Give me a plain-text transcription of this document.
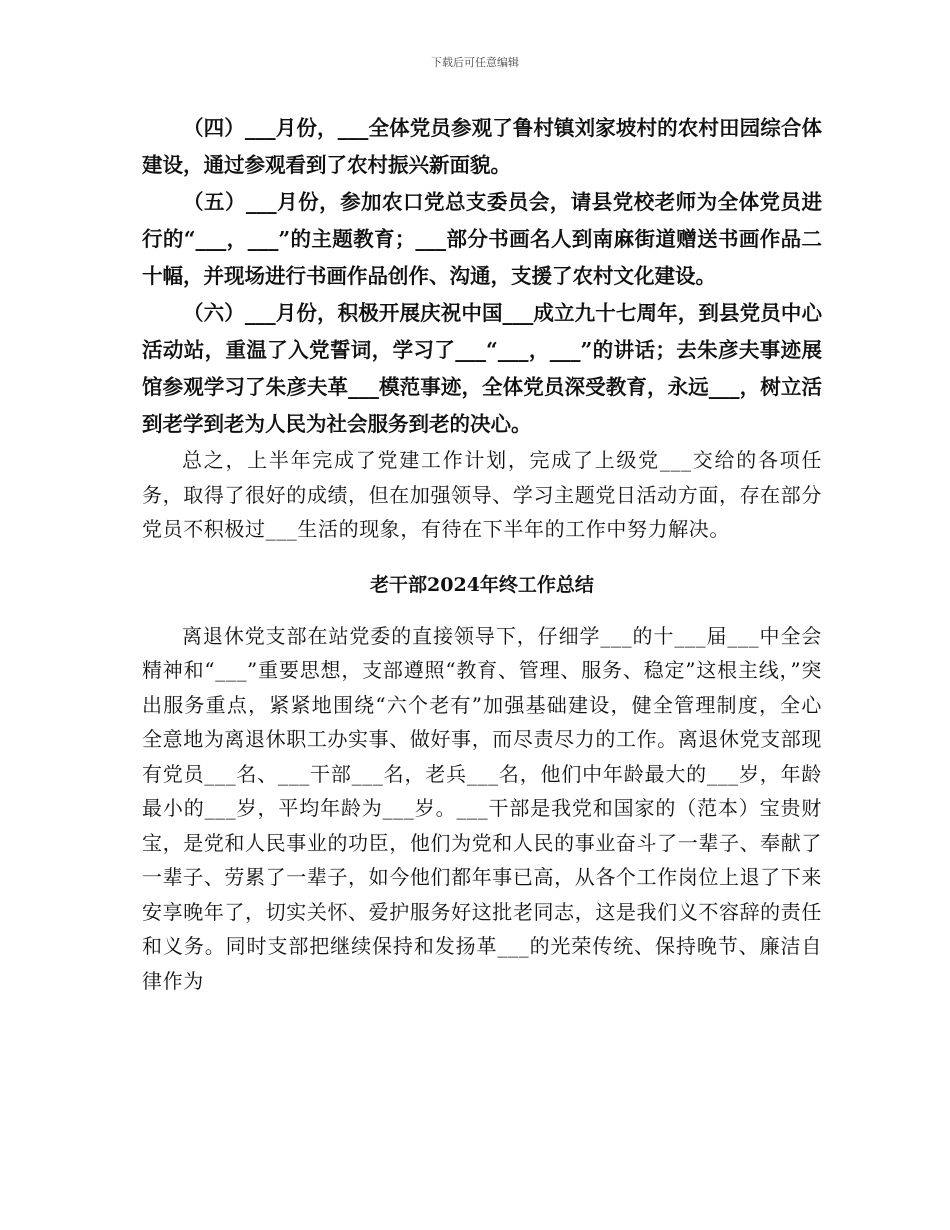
下载后可任意编辑

（四）___月份，___全体党员参观了鲁村镇刘家坡村的农村田园综合体建设，通过参观看到了农村振兴新面貌。

（五）___月份，参加农口党总支委员会，请县党校老师为全体党员进行的“___，___”的主题教育；___部分书画名人到南麻街道赠送书画作品二十幅，并现场进行书画作品创作、沟通，支援了农村文化建设。

（六）___月份，积极开展庆祝中国___成立九十七周年，到县党员中心活动站，重温了入党誓词，学习了___“___，___”的讲话；去朱彦夫事迹展馆参观学习了朱彦夫革___模范事迹，全体党员深受教育，永远___，树立活到老学到老为人民为社会服务到老的决心。

总之，上半年完成了党建工作计划，完成了上级党___交给的各项任务，取得了很好的成绩，但在加强领导、学习主题党日活动方面，存在部分党员不积极过___生活的现象，有待在下半年的工作中努力解决。

老干部2024年终工作总结

离退休党支部在站党委的直接领导下，仔细学___的十___届___中全会精神和“___”重要思想，支部遵照“教育、管理、服务、稳定”这根主线，”突出服务重点，紧紧地围绕“六个老有”加强基础建设，健全管理制度，全心全意地为离退休职工办实事、做好事，而尽责尽力的工作。离退休党支部现有党员___名、___干部___名，老兵___名，他们中年龄最大的___岁，年龄最小的___岁，平均年龄为___岁。___干部是我党和国家的（范本）宝贵财宝，是党和人民事业的功臣，他们为党和人民的事业奋斗了一辈子、奉献了一辈子、劳累了一辈子，如今他们都年事已高，从各个工作岗位上退了下来安享晚年了，切实关怀、爱护服务好这批老同志，这是我们义不容辞的责任和义务。同时支部把继续保持和发扬革___的光荣传统、保持晚节、廉洁自律作为
